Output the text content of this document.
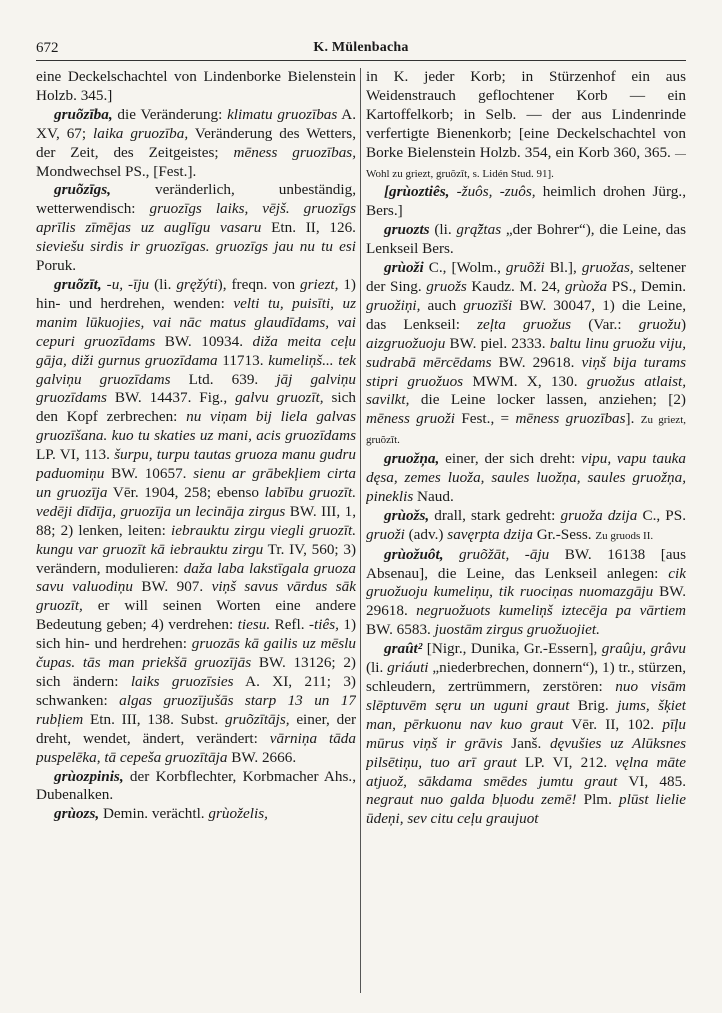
672	K. Mülenbacha

eine Deckelschachtel von Lindenborke Bielenstein Holzb. 345.]

gruõzība, die Veränderung: klimatu gruozības A. XV, 67; laika gruozība, Veränderung des Wetters, der Zeit, des Zeitgeistes; mēness gruozības, Mondwechsel PS., [Fest.].

gruõzīgs, veränderlich, unbeständig, wetterwendisch: gruozīgs laiks, vējš. gruozīgs aprīlis zīmējas uz auglīgu vasaru Etn. II, 126. sieviešu sirdis ir gruozīgas. gruozīgs jau nu tu esi Poruk.

gruõzīt, -u, -īju (li. gręžýti), freqn. von griezt, 1) hin- und herdrehen, wenden: velti tu, puisīti, uz manim lūkuojies, vai nāc matus glaudīdams, vai cepuri gruozīdams BW. 10934. diža meita ceļu gāja, diži gurnus gruozīdama 11713. kumeliņš... tek galviņu gruozīdams Ltd. 639. jāj galviņu gruozīdams BW. 14437. Fig., galvu gruozīt, sich den Kopf zerbrechen: nu viņam bij liela galvas gruozīšana. kuo tu skaties uz mani, acis gruozīdams LP. VI, 113. šurpu, turpu tautas gruoza manu gudru paduomiņu BW. 10657. sienu ar grābekļiem cirta un gruozīja Vēr. 1904, 258; ebenso labību gruozīt. vedēji dīdīja, gruozīja un lecināja zirgus BW. III, 1, 88; 2) lenken, leiten: iebrauktu zirgu viegli gruozīt. kungu var gruozīt kā iebrauktu zirgu Tr. IV, 560; 3) verändern, modulieren: daža laba lakstīgala gruoza savu valuodiņu BW. 907. viņš savus vārdus sāk gruozīt, er will seinen Worten eine andere Bedeutung geben; 4) verdrehen: tiesu. Refl. -tiês, 1) sich hin- und herdrehen: gruozās kā gailis uz mēslu čupas. tās man priekšā gruozījās BW. 13126; 2) sich ändern: laiks gruozīsies A. XI, 211; 3) schwanken: algas gruozījušās starp 13 un 17 rubļiem Etn. III, 138. Subst. gruõzītājs, einer, der dreht, wendet, ändert, verändert: vārniņa tāda puspelēka, tā cepeša gruozītāja BW. 2666.

grùozpinis, der Korbflechter, Korbmacher Ahs., Dubenalken.

grùozs, Demin. verächtl. grùoželis,

in K. jeder Korb; in Stürzenhof ein aus Weidenstrauch geflochtener Korb — ein Kartoffelkorb; in Selb. — der aus Lindenrinde verfertigte Bienenkorb; [eine Deckelschachtel von Borke Bielenstein Holzb. 354, ein Korb 360, 365. — Wohl zu griezt, gruõzīt, s. Lidén Stud. 91].

[grùoztiês, -žuôs, -zuôs, heimlich drohen Jürg., Bers.]

gruozts (li. grą̃žtas „der Bohrer“), die Leine, das Lenkseil Bers.

grùoži C., [Wolm., gruõži Bl.], gruožas, seltener der Sing. gruožs Kaudz. M. 24, grùoža PS., Demin. gruožiņi, auch gruozīši BW. 30047, 1) die Leine, das Lenkseil: zeļta gruožus (Var.: gruožu) aizgruožuoju BW. piel. 2333. baltu linu gruožu viju, sudrabā mērcēdams BW. 29618. viņš bija turams stipri gruožuos MWM. X, 130. gruožus atlaist, savilkt, die Leine locker lassen, anziehen; [2) mēness gruoži Fest., = mēness gruozības]. Zu griezt, gruõzīt.

gruožņa, einer, der sich dreht: vipu, vapu tauka dęsa, zemes luoža, saules luožņa, saules gruožņa, pineklis Naud.

grùožs, drall, stark gedreht: gruoža dzija C., PS. gruoži (adv.) savęrpta dzija Gr.-Sess. Zu gruods II.

grùožuôt, gruõžāt, -āju BW. 16138 [aus Absenau], die Leine, das Lenkseil anlegen: cik gruožuoju kumeliņu, tik ruociņas nuomazgāju BW. 29618. negruožuots kumeliņš iztecēja pa vārtiem BW. 6583. juostām zirgus gruožuojiet.

graût² [Nigr., Dunika, Gr.-Essern], graûju, grâvu (li. griáuti „niederbrechen, donnern“), 1) tr., stürzen, schleudern, zertrümmern, zerstören: nuo visām slēptuvēm sęru un uguni graut Brig. jums, šķiet man, pērkuonu nav kuo graut Vēr. II, 102. pīļu mūrus viņš ir grāvis Janš. dęvušies uz Alūksnes pilsētiņu, tuo arī graut LP. VI, 212. vęlna māte atjuož, sākdama smēdes jumtu graut VI, 485. negraut nuo galda bļuodu zemē! Plm. plūst lielie ūdeņi, sev citu ceļu graujuot
